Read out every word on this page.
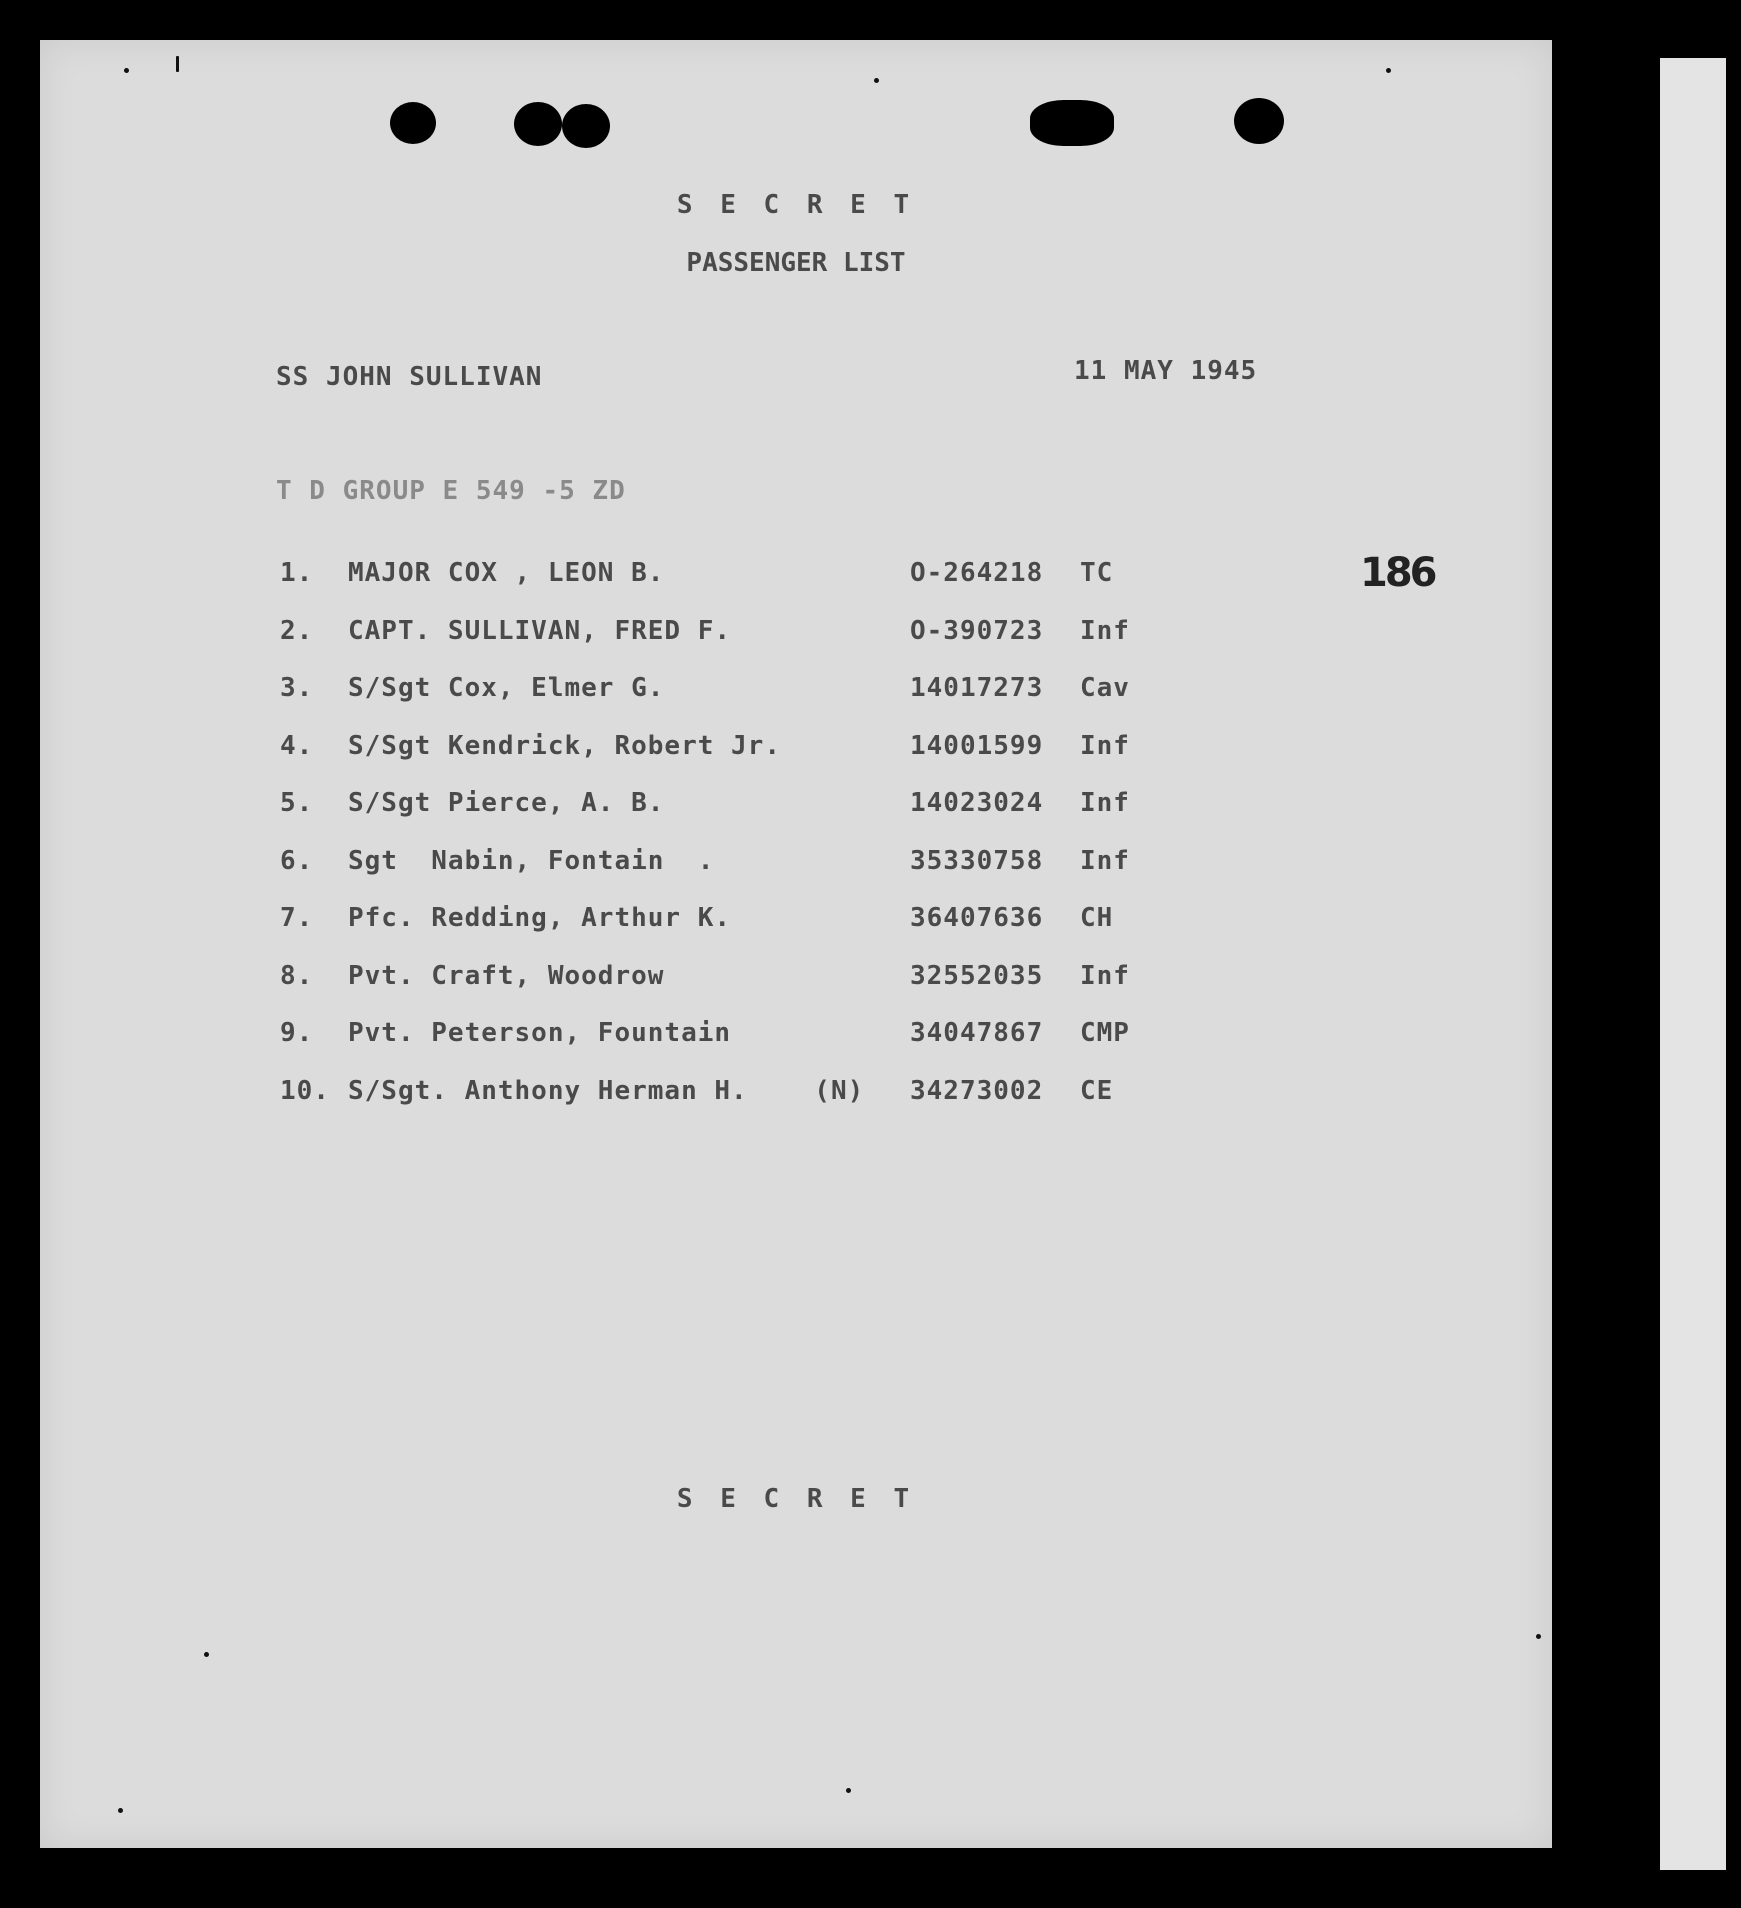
S E C R E T
PASSENGER LIST
SS JOHN SULLIVAN	11 MAY 1945
T D GROUP E 549 -5 ZD
186
1. MAJOR COX , LEON B.	O-264218 TC
2. CAPT. SULLIVAN, FRED F.	O-390723 Inf
3. S/Sgt Cox, Elmer G.	14017273 Cav
4. S/Sgt Kendrick, Robert Jr.	14001599 Inf
5. S/Sgt Pierce, A. B.	14023024 Inf
6. Sgt  Nabin, Fontain  .	35330758 Inf
7. Pfc. Redding, Arthur K.	36407636 CH
8. Pvt. Craft, Woodrow	32552035 Inf
9. Pvt. Peterson, Fountain	34047867 CMP
10. S/Sgt. Anthony Herman H.    (N) 34273002 CE
S E C R E T
